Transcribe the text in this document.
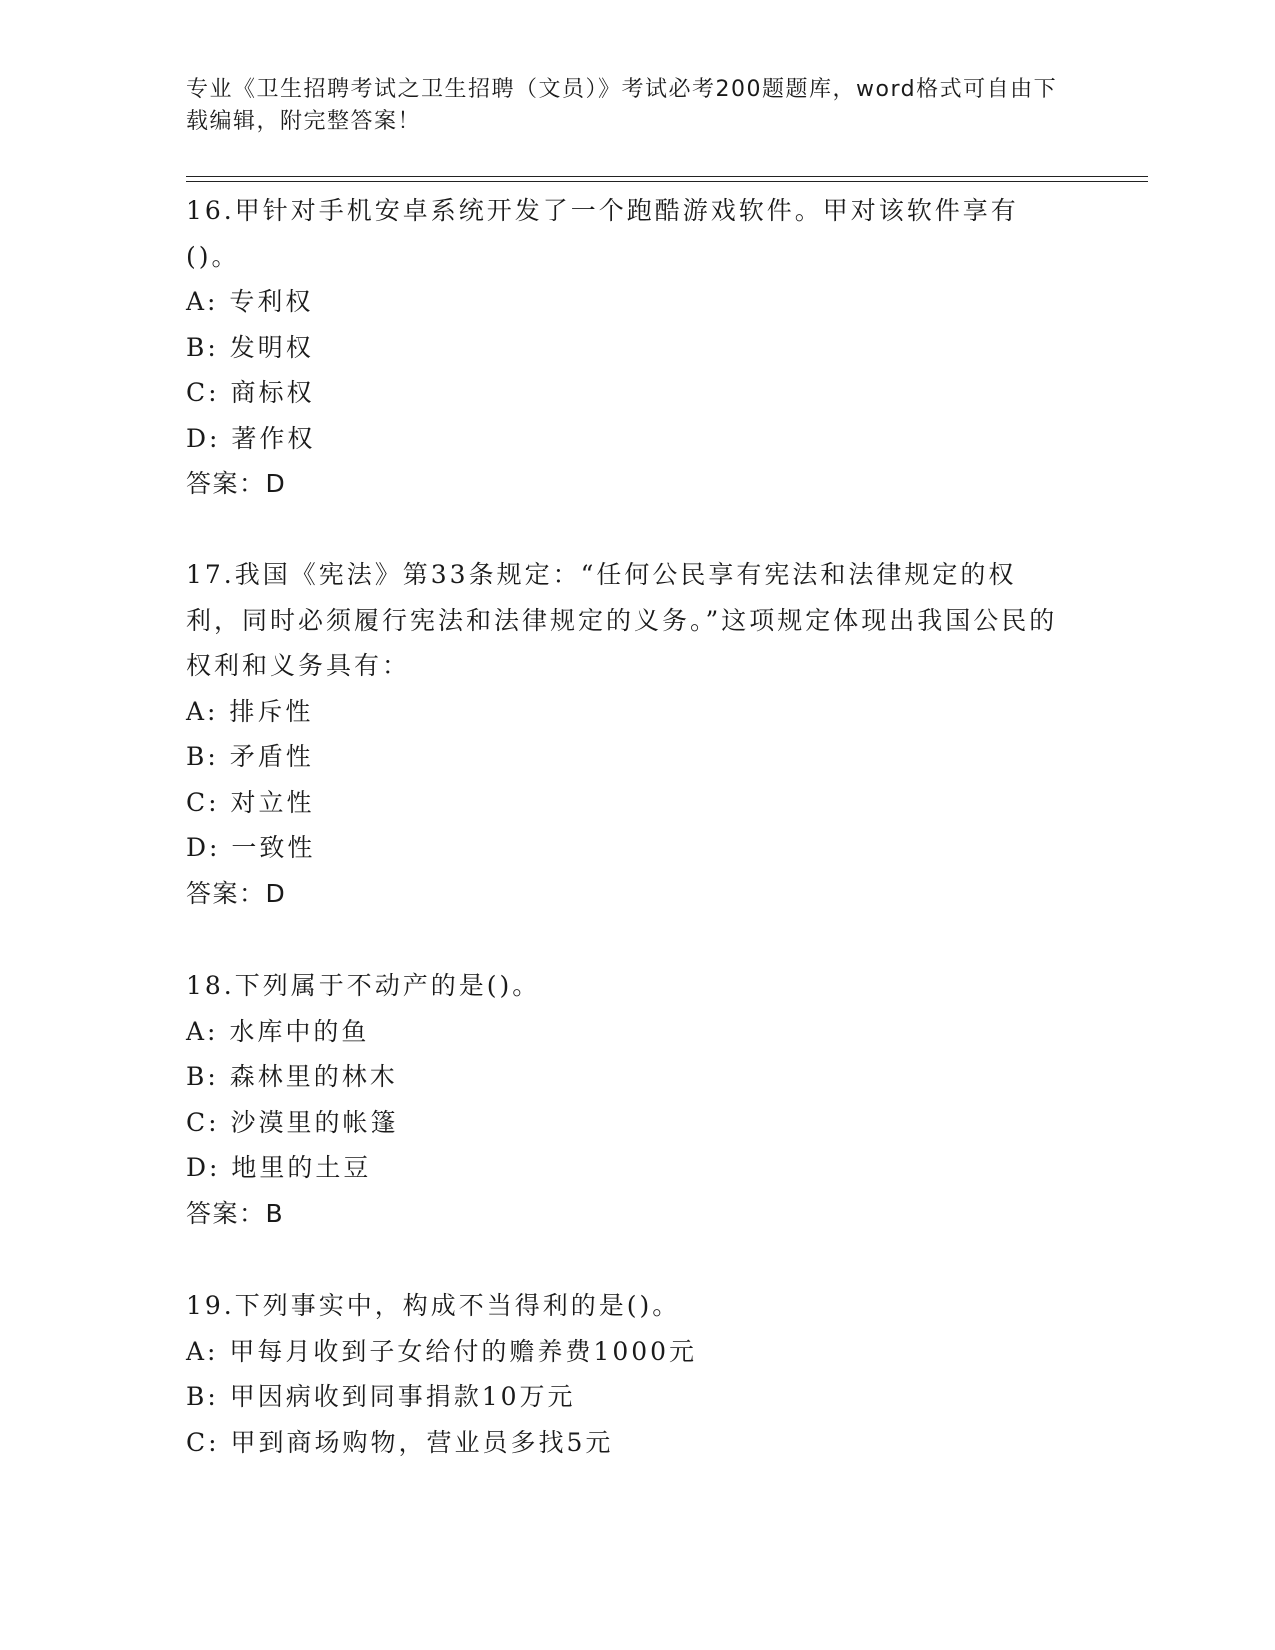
专业《卫生招聘考试之卫生招聘（文员）》考试必考200题题库，word格式可自由下载编辑，附完整答案！
16.甲针对手机安卓系统开发了一个跑酷游戏软件。甲对该软件享有()。
A: 专利权
B: 发明权
C: 商标权
D: 著作权
答案：D
17.我国《宪法》第33条规定：“任何公民享有宪法和法律规定的权利，同时必须履行宪法和法律规定的义务。”这项规定体现出我国公民的权利和义务具有：
A: 排斥性
B: 矛盾性
C: 对立性
D: 一致性
答案：D
18.下列属于不动产的是()。
A: 水库中的鱼
B: 森林里的林木
C: 沙漠里的帐篷
D: 地里的土豆
答案：B
19.下列事实中，构成不当得利的是()。
A: 甲每月收到子女给付的赡养费1000元
B: 甲因病收到同事捐款10万元
C: 甲到商场购物，营业员多找5元
